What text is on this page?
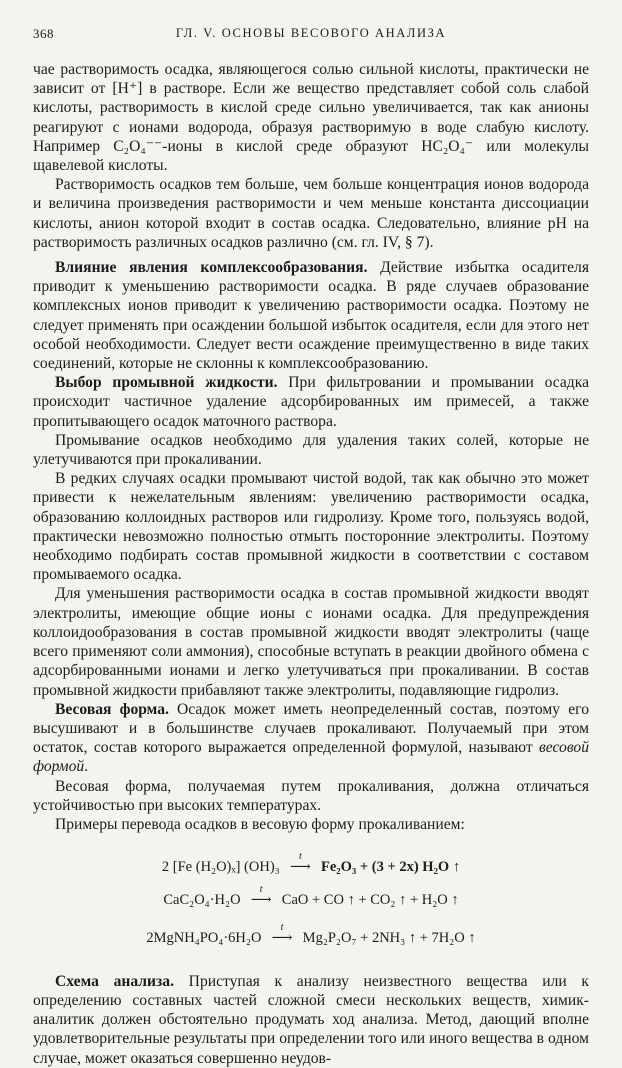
368	ГЛ. V. ОСНОВЫ ВЕСОВОГО АНАЛИЗА

чае растворимость осадка, являющегося солью сильной кислоты, практически не зависит от [H⁺] в растворе. Если же вещество представляет собой соль слабой кислоты, растворимость в кислой среде сильно увеличивается, так как анионы реагируют с ионами водорода, образуя растворимую в воде слабую кислоту. Например C₂O₄⁻⁻-ионы в кислой среде образуют HC₂O₄⁻ или молекулы щавелевой кислоты.

Растворимость осадков тем больше, чем больше концентрация ионов водорода и величина произведения растворимости и чем меньше константа диссоциации кислоты, анион которой входит в состав осадка. Следовательно, влияние pH на растворимость различных осадков различно (см. гл. IV, § 7).

Влияние явления комплексообразования. Действие избытка осадителя приводит к уменьшению растворимости осадка. В ряде случаев образование комплексных ионов приводит к увеличению растворимости осадка. Поэтому не следует применять при осаждении большой избыток осадителя, если для этого нет особой необходимости. Следует вести осаждение преимущественно в виде таких соединений, которые не склонны к комплексообразованию.

Выбор промывной жидкости. При фильтровании и промывании осадка происходит частичное удаление адсорбированных им примесей, а также пропитывающего осадок маточного раствора.

Промывание осадков необходимо для удаления таких солей, которые не улетучиваются при прокаливании.

В редких случаях осадки промывают чистой водой, так как обычно это может привести к нежелательным явлениям: увеличению растворимости осадка, образованию коллоидных растворов или гидролизу. Кроме того, пользуясь водой, практически невозможно полностью отмыть посторонние электролиты. Поэтому необходимо подбирать состав промывной жидкости в соответствии с составом промываемого осадка.

Для уменьшения растворимости осадка в состав промывной жидкости вводят электролиты, имеющие общие ионы с ионами осадка. Для предупреждения коллоидообразования в состав промывной жидкости вводят электролиты (чаще всего применяют соли аммония), способные вступать в реакции двойного обмена с адсорбированными ионами и легко улетучиваться при прокаливании. В состав промывной жидкости прибавляют также электролиты, подавляющие гидролиз.

Весовая форма. Осадок может иметь неопределенный состав, поэтому его высушивают и в большинстве случаев прокаливают. Получаемый при этом остаток, состав которого выражается определенной формулой, называют весовой формой.

Весовая форма, получаемая путем прокаливания, должна отличаться устойчивостью при высоких температурах.

Примеры перевода осадков в весовую форму прокаливанием:

2 [Fe (H₂O)ₓ] (OH)₃
t
⟶ Fe₂O₃ + (3 + 2x) H₂O ↑

CaC₂O₄·H₂O
t
⟶ CaO + CO ↑ + CO₂ ↑ + H₂O ↑

2MgNH₄PO₄·6H₂O
t
⟶ Mg₂P₂O₇ + 2NH₃ ↑ + 7H₂O ↑

Схема анализа. Приступая к анализу неизвестного вещества или к определению составных частей сложной смеси нескольких веществ, химик-аналитик должен обстоятельно продумать ход анализа. Метод, дающий вполне удовлетворительные результаты при определении того или иного вещества в одном случае, может оказаться совершенно неудов-
